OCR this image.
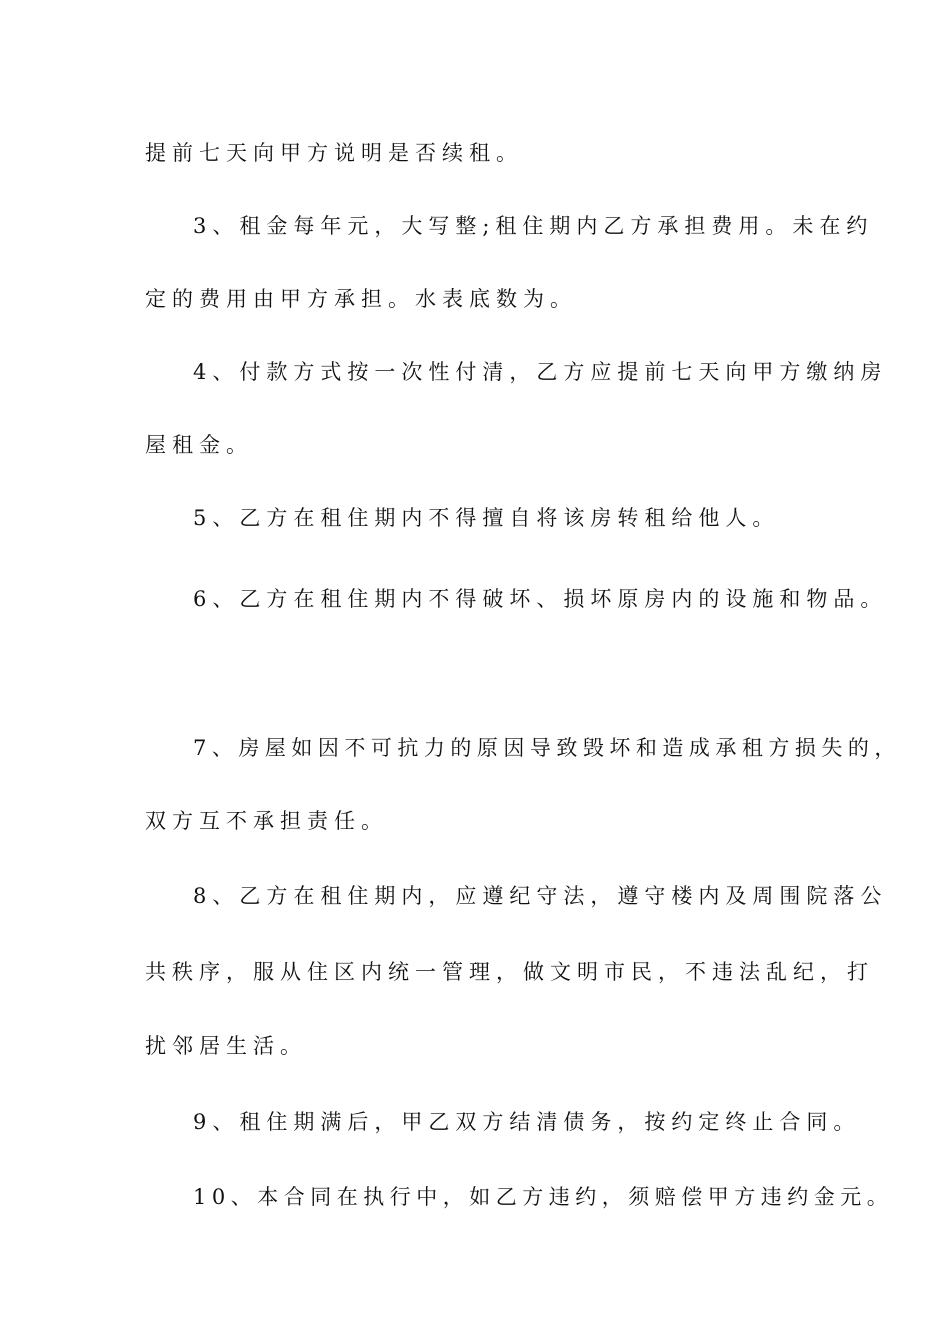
提前七天向甲方说明是否续租。
3、租金每年元，大写整;租住期内乙方承担费用。未在约
定的费用由甲方承担。水表底数为。
4、付款方式按一次性付清，乙方应提前七天向甲方缴纳房
屋租金。
5、乙方在租住期内不得擅自将该房转租给他人。
6、乙方在租住期内不得破坏、损坏原房内的设施和物品。
7、房屋如因不可抗力的原因导致毁坏和造成承租方损失的，
双方互不承担责任。
8、乙方在租住期内，应遵纪守法，遵守楼内及周围院落公
共秩序，服从住区内统一管理，做文明市民，不违法乱纪，打
扰邻居生活。
9、租住期满后，甲乙双方结清债务，按约定终止合同。
10、本合同在执行中，如乙方违约，须赔偿甲方违约金元。
